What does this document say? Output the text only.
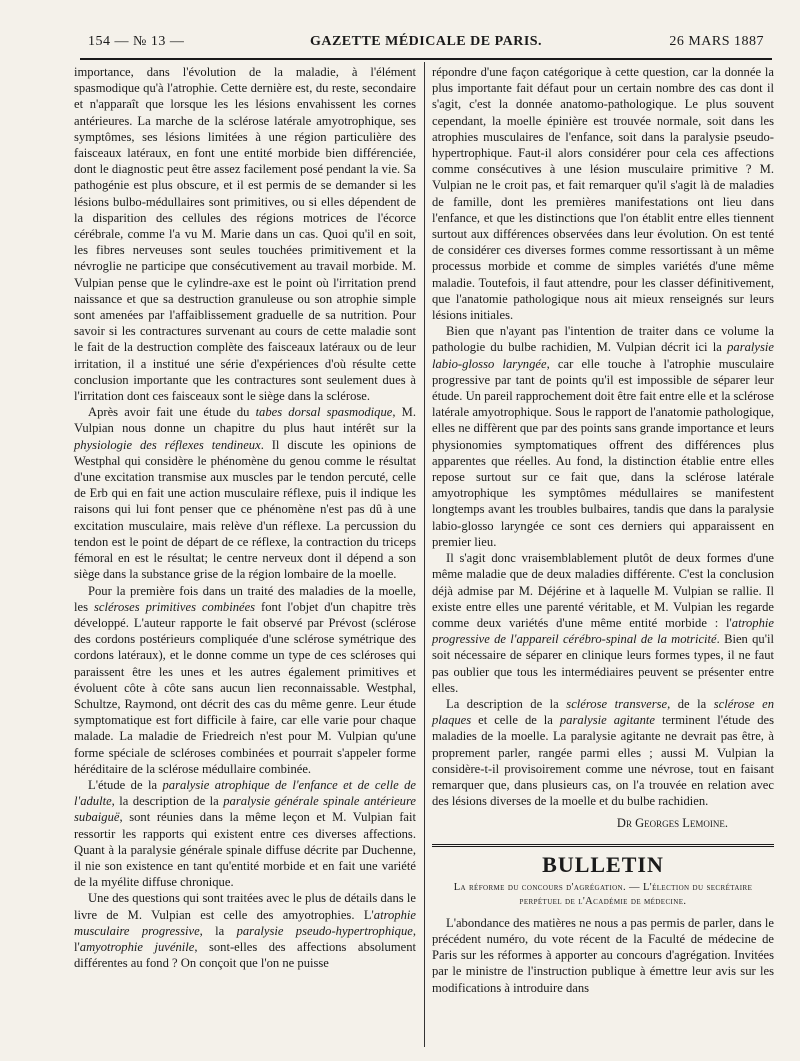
154 — № 13 —	GAZETTE MÉDICALE DE PARIS.	26 MARS 1887

importance, dans l'évolution de la maladie, à l'élément spasmodique qu'à l'atrophie. Cette dernière est, du reste, secondaire et n'apparaît que lorsque les les lésions envahissent les cornes antérieures. La marche de la sclérose latérale amyotrophique, ses symptômes, ses lésions limitées à une région particulière des faisceaux latéraux, en font une entité morbide bien différenciée, dont le diagnostic peut être assez facilement posé pendant la vie. Sa pathogénie est plus obscure, et il est permis de se demander si les lésions bulbo-médullaires sont primitives, ou si elles dépendent de la disparition des cellules des régions motrices de l'écorce cérébrale, comme l'a vu M. Marie dans un cas. Quoi qu'il en soit, les fibres nerveuses sont seules touchées primitivement et la névroglie ne participe que consécutivement au travail morbide. M. Vulpian pense que le cylindre-axe est le point où l'irritation prend naissance et que sa destruction granuleuse ou son atrophie simple sont amenées par l'affaiblissement graduelle de sa nutrition. Pour savoir si les contractures survenant au cours de cette maladie sont le fait de la destruction complète des faisceaux latéraux ou de leur irritation, il a institué une série d'expériences d'où résulte cette conclusion importante que les contractures sont seulement dues à l'irritation dont ces faisceaux sont le siège dans la sclérose.

Après avoir fait une étude du tabes dorsal spasmodique, M. Vulpian nous donne un chapitre du plus haut intérêt sur la physiologie des réflexes tendineux. Il discute les opinions de Westphal qui considère le phénomène du genou comme le résultat d'une excitation transmise aux muscles par le tendon percuté, celle de Erb qui en fait une action musculaire réflexe, puis il indique les raisons qui lui font penser que ce phénomène n'est pas dû à une excitation musculaire, mais relève d'un réflexe. La percussion du tendon est le point de départ de ce réflexe, la contraction du triceps fémoral en est le résultat; le centre nerveux dont il dépend a son siège dans la substance grise de la région lombaire de la moelle.

Pour la première fois dans un traité des maladies de la moelle, les scléroses primitives combinées font l'objet d'un chapitre très développé. L'auteur rapporte le fait observé par Prévost (sclérose des cordons postérieurs compliquée d'une sclérose symétrique des cordons latéraux), et le donne comme un type de ces scléroses qui paraissent être les unes et les autres également primitives et évoluent côte à côte sans aucun lien reconnaissable. Westphal, Schultze, Raymond, ont décrit des cas du même genre. Leur étude symptomatique est fort difficile à faire, car elle varie pour chaque malade. La maladie de Friedreich n'est pour M. Vulpian qu'une forme spéciale de scléroses combinées et pourrait s'appeler forme héréditaire de la sclérose médullaire combinée.

L'étude de la paralysie atrophique de l'enfance et de celle de l'adulte, la description de la paralysie générale spinale antérieure subaiguë, sont réunies dans la même leçon et M. Vulpian fait ressortir les rapports qui existent entre ces diverses affections. Quant à la paralysie générale spinale diffuse décrite par Duchenne, il nie son existence en tant qu'entité morbide et en fait une variété de la myélite diffuse chronique.

Une des questions qui sont traitées avec le plus de détails dans le livre de M. Vulpian est celle des amyotrophies. L'atrophie musculaire progressive, la paralysie pseudo-hypertrophique, l'amyotrophie juvénile, sont-elles des affections absolument différentes au fond ? On conçoit que l'on ne puisse

répondre d'une façon catégorique à cette question, car la donnée la plus importante fait défaut pour un certain nombre des cas dont il s'agit, c'est la donnée anatomo-pathologique. Le plus souvent cependant, la moelle épinière est trouvée normale, soit dans les atrophies musculaires de l'enfance, soit dans la paralysie pseudo-hypertrophique. Faut-il alors considérer pour cela ces affections comme consécutives à une lésion musculaire primitive ? M. Vulpian ne le croit pas, et fait remarquer qu'il s'agit là de maladies de famille, dont les premières manifestations ont lieu dans l'enfance, et que les distinctions que l'on établit entre elles tiennent surtout aux différences observées dans leur évolution. On est tenté de considérer ces diverses formes comme ressortissant à un même processus morbide et comme de simples variétés d'une même maladie. Toutefois, il faut attendre, pour les classer définitivement, que l'anatomie pathologique nous ait mieux renseignés sur leurs lésions initiales.

Bien que n'ayant pas l'intention de traiter dans ce volume la pathologie du bulbe rachidien, M. Vulpian décrit ici la paralysie labio-glosso laryngée, car elle touche à l'atrophie musculaire progressive par tant de points qu'il est impossible de séparer leur étude. Un pareil rapprochement doit être fait entre elle et la sclérose latérale amyotrophique. Sous le rapport de l'anatomie pathologique, elles ne diffèrent que par des points sans grande importance et leurs physionomies symptomatiques offrent des différences plus apparentes que réelles. Au fond, la distinction établie entre elles repose surtout sur ce fait que, dans la sclérose latérale amyotrophique les symptômes médullaires se manifestent longtemps avant les troubles bulbaires, tandis que dans la paralysie labio-glosso laryngée ce sont ces derniers qui apparaissent en premier lieu.

Il s'agit donc vraisemblablement plutôt de deux formes d'une même maladie que de deux maladies différente. C'est la conclusion déjà admise par M. Déjérine et à laquelle M. Vulpian se rallie. Il existe entre elles une parenté véritable, et M. Vulpian les regarde comme deux variétés d'une même entité morbide : l'atrophie progressive de l'appareil cérébro-spinal de la motricité. Bien qu'il soit nécessaire de séparer en clinique leurs formes types, il ne faut pas oublier que tous les intermédiaires peuvent se présenter entre elles.

La description de la sclérose transverse, de la sclérose en plaques et celle de la paralysie agitante terminent l'étude des maladies de la moelle. La paralysie agitante ne devrait pas être, à proprement parler, rangée parmi elles ; aussi M. Vulpian la considère-t-il provisoirement comme une névrose, tout en faisant remarquer que, dans plusieurs cas, on l'a trouvée en relation avec des lésions diverses de la moelle et du bulbe rachidien.

Dr Georges Lemoine.
BULLETIN
La réforme du concours d'agrégation. — L'élection du secrétaire perpétuel de l'Académie de médecine.

L'abondance des matières ne nous a pas permis de parler, dans le précédent numéro, du vote récent de la Faculté de médecine de Paris sur les réformes à apporter au concours d'agrégation. Invitées par le ministre de l'instruction publique à émettre leur avis sur les modifications à introduire dans
